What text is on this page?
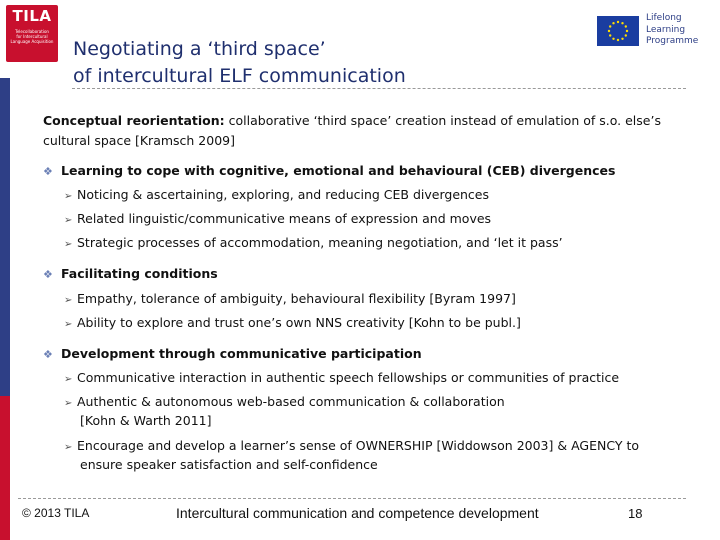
TILA
Telecollaboration
for Intercultural
Language Acquisition Negotiating a ‘third space’
of intercultural ELF communication
Lifelong
Learning
Programme
Conceptual reorientation: collaborative ‘third space’ creation instead of emulation of s.o. else’s
cultural space [Kramsch 2009]
❖ Learning to cope with cognitive, emotional and behavioural (CEB) divergences
➢ Noticing & ascertaining, exploring, and reducing CEB divergences
➢ Related linguistic/communicative means of expression and moves
➢ Strategic processes of accommodation, meaning negotiation, and ‘let it pass’
❖ Facilitating conditions
➢ Empathy, tolerance of ambiguity, behavioural flexibility [Byram 1997]
➢ Ability to explore and trust one’s own NNS creativity [Kohn to be publ.]
❖ Development through communicative participation
➢ Communicative interaction in authentic speech fellowships or communities of practice
➢ Authentic & autonomous web-based communication & collaboration
[Kohn & Warth 2011]
➢ Encourage and develop a learner’s sense of OWNERSHIP [Widdowson 2003] & AGENCY to
ensure speaker satisfaction and self-confidence
© 2013 TILA	Intercultural communication and competence development	18
